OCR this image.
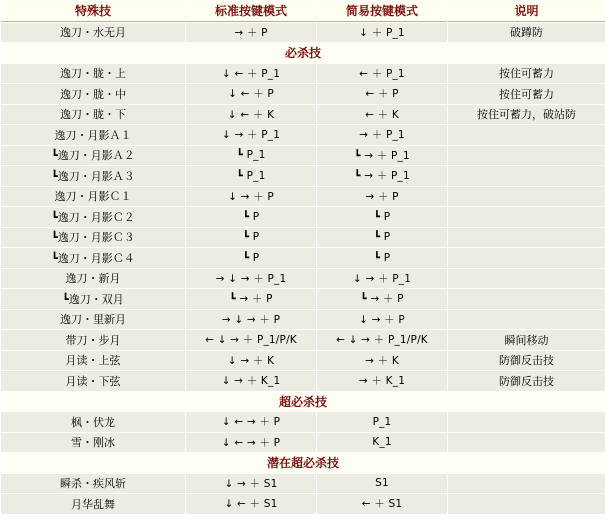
特殊技	标准按键模式	简易按键模式	说明
逸刀・水无月	→ ＋ P	↓ ＋ P_1	破蹲防
必杀技			
逸刀・胧・上	↓ ← ＋ P_1	← ＋ P_1	按住可蓄力
逸刀・胧・中	↓ ← ＋ P	← ＋ P	按住可蓄力
逸刀・胧・下	↓ ← ＋ K	← ＋ K	按住可蓄力，破站防
逸刀・月影Ａ１	↓ → ＋ P_1	→ ＋ P_1	
┗逸刀・月影Ａ２	┗ P_1	┗ → ＋ P_1	
┗逸刀・月影Ａ３	┗ P_1	┗ → ＋ P_1	
逸刀・月影Ｃ１	↓ → ＋ P	→ ＋ P	
┗逸刀・月影Ｃ２	┗ P	┗ P	
┗逸刀・月影Ｃ３	┗ P	┗ P	
┗逸刀・月影Ｃ４	┗ P	┗ P	
逸刀・新月	→ ↓ → ＋ P_1	↓ → ＋ P_1	
┗逸刀・双月	┗ → ＋ P	┗ → ＋ P	
逸刀・里新月	→ ↓ → ＋ P	↓ → ＋ P	
带刀・步月	← ↓ → ＋ P_1/P/K	← ↓ → ＋ P_1/P/K	瞬间移动
月读・上弦	↓ → ＋ K	→ ＋ K	防御反击技
月读・下弦	↓ → ＋ K_1	→ ＋ K_1	防御反击技
超必杀技			
枫・伏龙	↓ ← → ＋ P	P_1	
雪・刚冰	↓ ← → ＋ P	K_1	
潜在超必杀技			
瞬杀・疾风斩	↓ → ＋ S1	S1	
月华乱舞	↓ ← ＋ S1	← ＋ S1	
